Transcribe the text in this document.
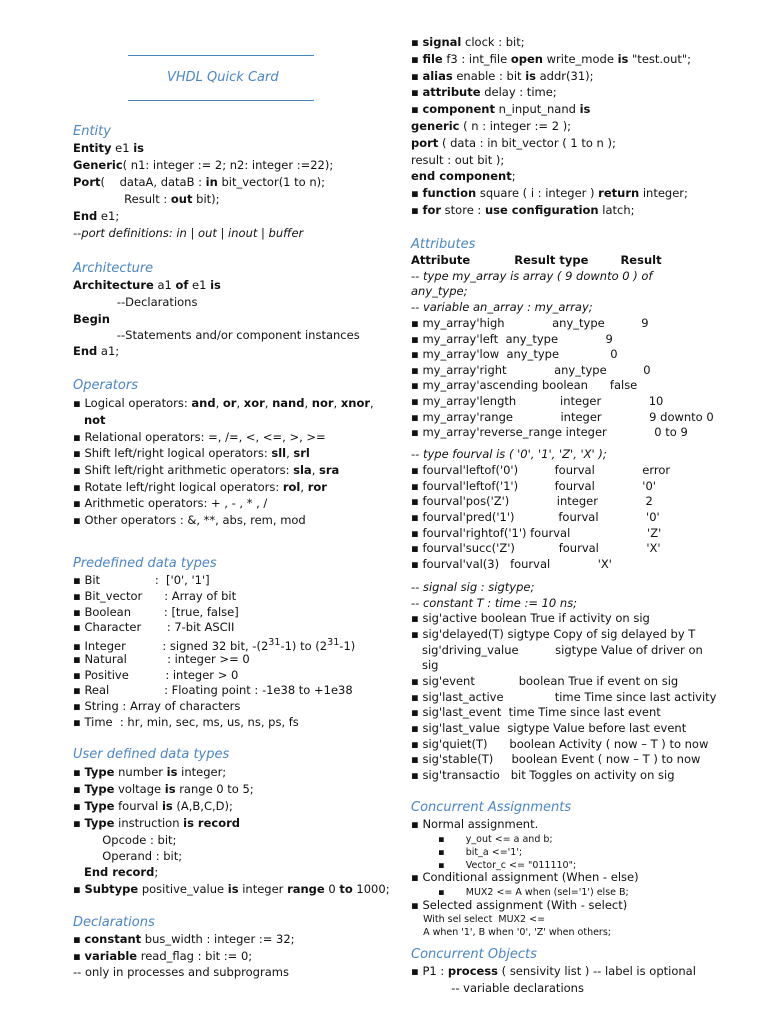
VHDL Quick Card
Entity
Entity e1 is
Generic( n1: integer := 2; n2: integer :=22);
Port(    dataA, dataB : in bit_vector(1 to n);
Result : out bit);
End e1;
--port definitions: in | out | inout | buffer
Architecture
Architecture a1 of e1 is
--Declarations
Begin
--Statements and/or component instances
End a1;
Operators
▪ Logical operators: and, or, xor, nand, nor, xnor,
not
▪ Relational operators: =, /=, <, <=, >, >=
▪ Shift left/right logical operators: sll, srl
▪ Shift left/right arithmetic operators: sla, sra
▪ Rotate left/right logical operators: rol, ror
▪ Arithmetic operators: + , - , * , /
▪ Other operators : &, **, abs, rem, mod
Predefined data types
▪ Bit               :  ['0', '1']
▪ Bit_vector      : Array of bit
▪ Boolean         : [true, false]
▪ Character       : 7-bit ASCII
▪ Integer          : signed 32 bit, $-(2^{31}-1)$ to $(2^{31}-1)$
▪ Natural           : integer >= 0
▪ Positive          : integer > 0
▪ Real               : Floating point : -1e38 to +1e38
▪ String : Array of characters
▪ Time  : hr, min, sec, ms, us, ns, ps, fs
User defined data types
▪ Type number is integer;
▪ Type voltage is range 0 to 5;
▪ Type fourval is (A,B,C,D);
▪ Type instruction is record
Opcode : bit;
Operand : bit;
End record;
▪ Subtype positive_value is integer range 0 to 1000;
Declarations
▪ constant bus_width : integer := 32;
▪ variable read_flag : bit := 0;
-- only in processes and subprograms
▪ signal clock : bit;
▪ file f3 : int_file open write_mode is "test.out";
▪ alias enable : bit is addr(31);
▪ attribute delay : time;
▪ component n_input_nand is
generic ( n : integer := 2 );
port ( data : in bit_vector ( 1 to n );
result : out bit );
end component;
▪ function square ( i : integer ) return integer;
▪ for store : use configuration latch;
Attributes
Attribute           Result type        Result
-- type my_array is array ( 9 downto 0 ) of
any_type;
-- variable an_array : my_array;
▪ my_array'high             any_type          9
▪ my_array'left  any_type             9
▪ my_array'low  any_type              0
▪ my_array'right             any_type          0
▪ my_array'ascending boolean      false
▪ my_array'length            integer             10
▪ my_array'range             integer             9 downto 0
▪ my_array'reverse_range integer             0 to 9
-- type fourval is ( '0', '1', 'Z', 'X' );
▪ fourval'leftof('0')          fourval             error
▪ fourval'leftof('1')          fourval             '0'
▪ fourval'pos('Z')             integer             2
▪ fourval'pred('1')            fourval             '0'
▪ fourval'rightof('1') fourval                     'Z'
▪ fourval'succ('Z')            fourval             'X'
▪ fourval'val(3)   fourval             'X'
-- signal sig : sigtype;
-- constant T : time := 10 ns;
▪ sig'active boolean True if activity on sig
▪ sig'delayed(T) sigtype Copy of sig delayed by T
sig'driving_value          sigtype Value of driver on
sig
▪ sig'event            boolean True if event on sig
▪ sig'last_active              time Time since last activity
▪ sig'last_event  time Time since last event
▪ sig'last_value  sigtype Value before last event
▪ sig'quiet(T)      boolean Activity ( now – T ) to now
▪ sig'stable(T)     boolean Event ( now – T ) to now
▪ sig'transactio   bit Toggles on activity on sig
Concurrent Assignments
▪ Normal assignment.
▪       y_out <= a and b;
▪       bit_a <='1';
▪       Vector_c <= "011110";
▪ Conditional assignment (When - else)
▪       MUX2 <= A when (sel='1') else B;
▪ Selected assignment (With - select)
With sel select  MUX2 <=
A when '1', B when '0', 'Z' when others;
Concurrent Objects
▪ P1 : process ( sensivity list ) -- label is optional
-- variable declarations
